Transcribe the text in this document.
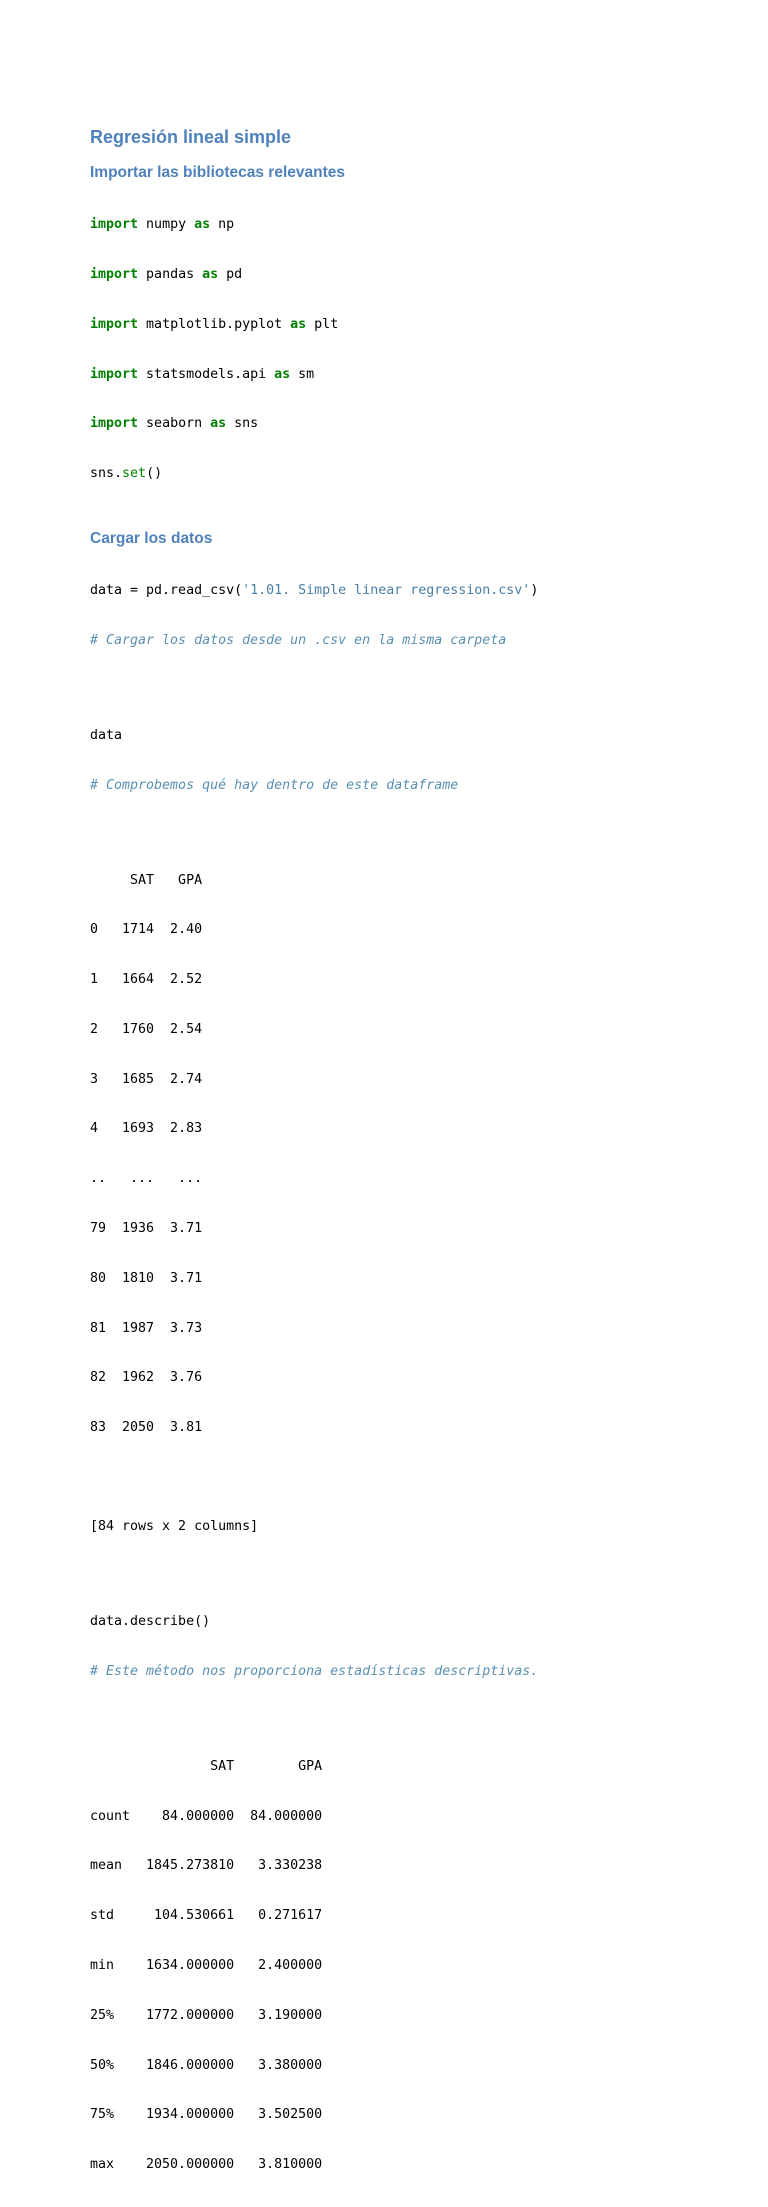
Regresión lineal simple
Importar las bibliotecas relevantes

import numpy as np

import pandas as pd

import matplotlib.pyplot as plt

import statsmodels.api as sm

import seaborn as sns

sns.set()

Cargar los datos

data = pd.read_csv('1.01. Simple linear regression.csv')

# Cargar los datos desde un .csv en la misma carpeta

data

# Comprobemos qué hay dentro de este dataframe

SAT   GPA

0   1714  2.40

1   1664  2.52

2   1760  2.54

3   1685  2.74

4   1693  2.83

..   ...   ...

79  1936  3.71

80  1810  3.71

81  1987  3.73

82  1962  3.76

83  2050  3.81

[84 rows x 2 columns]

data.describe()

# Este método nos proporciona estadísticas descriptivas.

SAT        GPA

count    84.000000  84.000000

mean   1845.273810   3.330238

std     104.530661   0.271617

min    1634.000000   2.400000

25%    1772.000000   3.190000

50%    1846.000000   3.380000

75%    1934.000000   3.502500

max    2050.000000   3.810000
